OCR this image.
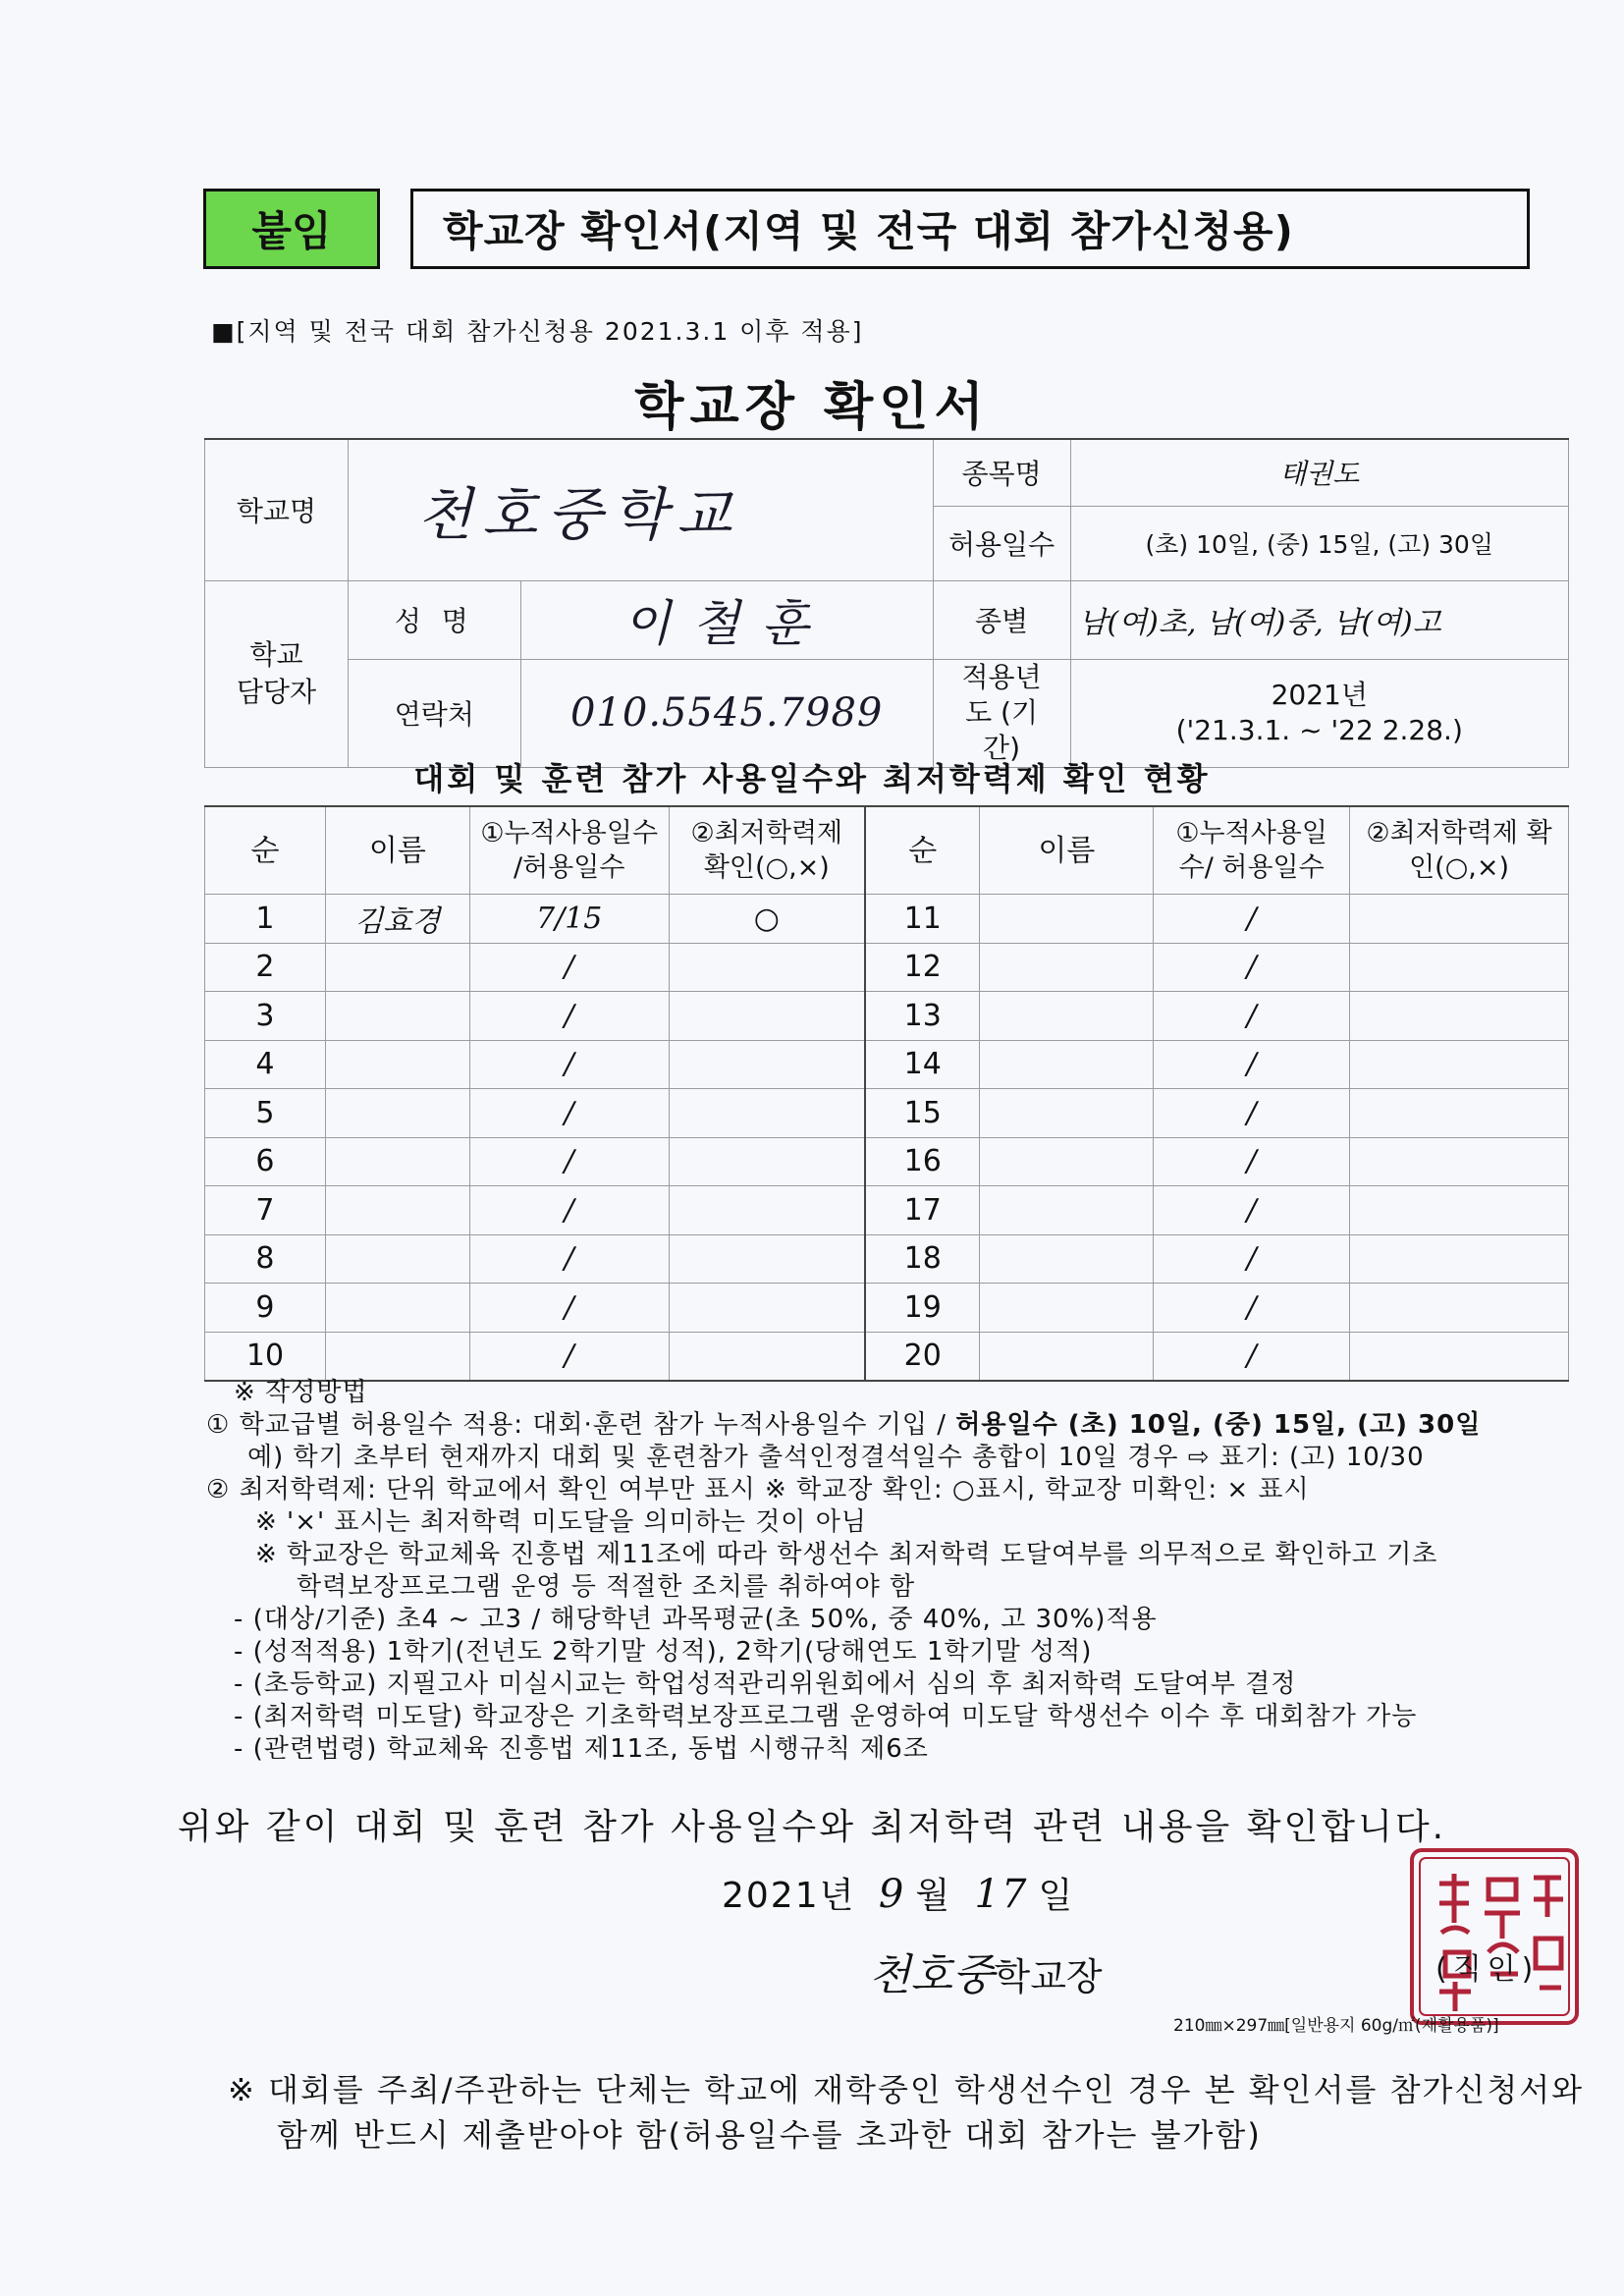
붙임	학교장 확인서(지역 및 전국 대회 참가신청용)
■[지역 및 전국 대회 참가신청용 2021.3.1 이후 적용]
학교장 확인서
학교명	천호중학교		종목명	태권도
			허용일수	(초) 10일, (중) 15일, (고) 30일
학교 담당자	성 명	이철훈	종별	남(여)초, 남(여)중, 남(여)고
	연락처	010.5545.7989	적용년도 (기간)	2021년
('21.3.1. ~ '22 2.28.)
대회 및 훈련 참가 사용일수와 최저학력제 확인 현황
순	이름	①누적사용일수 /허용일수	②최저학력제 확인(○,×)	순	이름	①누적사용일수/ 허용일수	②최저학력제 확인(○,×)
1	김효경	7/15	○	11		/	
2		/		12		/	
3		/		13		/	
4		/		14		/	
5		/		15		/	
6		/		16		/	
7		/		17		/	
8		/		18		/	
9		/		19		/	
10		/		20		/	
※ 작성방법
① 학교급별 허용일수 적용: 대회·훈련 참가 누적사용일수 기입 / 허용일수 (초) 10일, (중) 15일, (고) 30일
예) 학기 초부터 현재까지 대회 및 훈련참가 출석인정결석일수 총합이 10일 경우 ⇨ 표기: (고) 10/30
② 최저학력제: 단위 학교에서 확인 여부만 표시 ※ 학교장 확인: ○표시, 학교장 미확인: × 표시
※ '×' 표시는 최저학력 미도달을 의미하는 것이 아님
※ 학교장은 학교체육 진흥법 제11조에 따라 학생선수 최저학력 도달여부를 의무적으로 확인하고 기초
학력보장프로그램 운영 등 적절한 조치를 취하여야 함
- (대상/기준) 초4 ~ 고3 / 해당학년 과목평균(초 50%, 중 40%, 고 30%)적용
- (성적적용) 1학기(전년도 2학기말 성적), 2학기(당해연도 1학기말 성적)
- (초등학교) 지필고사 미실시교는 학업성적관리위원회에서 심의 후 최저학력 도달여부 결정
- (최저학력 미도달) 학교장은 기초학력보장프로그램 운영하여 미도달 학생선수 이수 후 대회참가 가능
- (관련법령) 학교체육 진흥법 제11조, 동법 시행규칙 제6조
위와 같이 대회 및 훈련 참가 사용일수와 최저학력 관련 내용을 확인합니다.
2021년 9 월 17 일
천호중학교장	(직인)
210㎜×297㎜[일반용지 60g/㎡(재활용품)]
※ 대회를 주최/주관하는 단체는 학교에 재학중인 학생선수인 경우 본 확인서를 참가신청서와
함께 반드시 제출받아야 함(허용일수를 초과한 대회 참가는 불가함)
